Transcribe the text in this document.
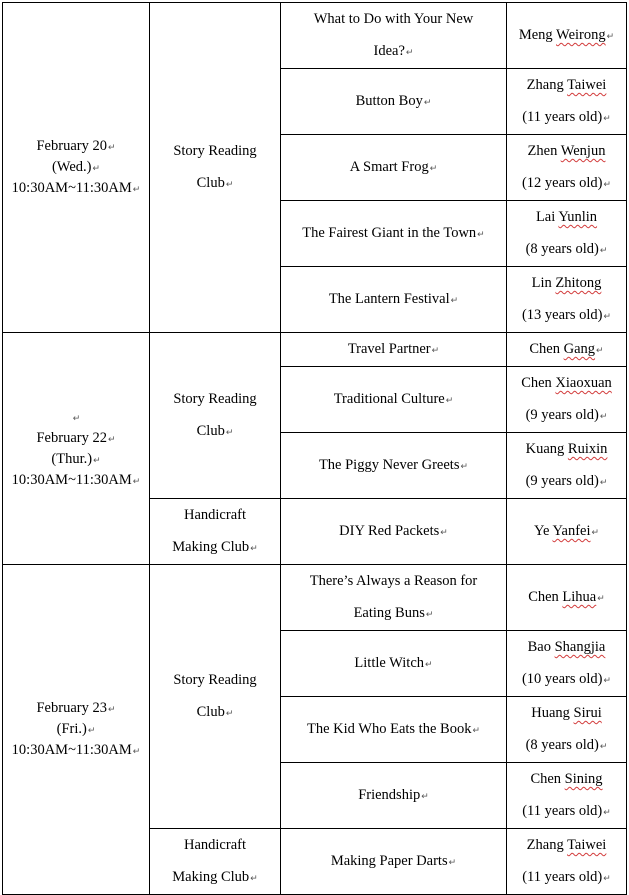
February 20↵
(Wed.)↵
10:30AM~11:30AM↵	Story Reading
Club↵	What to Do with Your New
Idea?↵	Meng Weirong↵

		Button Boy↵	Zhang Taiwei
(11 years old)↵

		A Smart Frog↵	Zhen Wenjun
(12 years old)↵

		The Fairest Giant in the Town↵	Lai Yunlin
(8 years old)↵

		The Lantern Festival↵	Lin Zhitong
(13 years old)↵

↵
February 22↵
(Thur.)↵
10:30AM~11:30AM↵	Story Reading
Club↵	Travel Partner↵	Chen Gang↵

		Traditional Culture↵	Chen Xiaoxuan
(9 years old)↵

		The Piggy Never Greets↵	Kuang Ruixin
(9 years old)↵

	Handicraft
Making Club↵	DIY Red Packets↵	Ye Yanfei↵

February 23↵
(Fri.)↵
10:30AM~11:30AM↵	Story Reading
Club↵	There’s Always a Reason for
Eating Buns↵	Chen Lihua↵

		Little Witch↵	Bao Shangjia
(10 years old)↵

		The Kid Who Eats the Book↵	Huang Sirui
(8 years old)↵

		Friendship↵	Chen Sining
(11 years old)↵

	Handicraft
Making Club↵	Making Paper Darts↵	Zhang Taiwei
(11 years old)↵
